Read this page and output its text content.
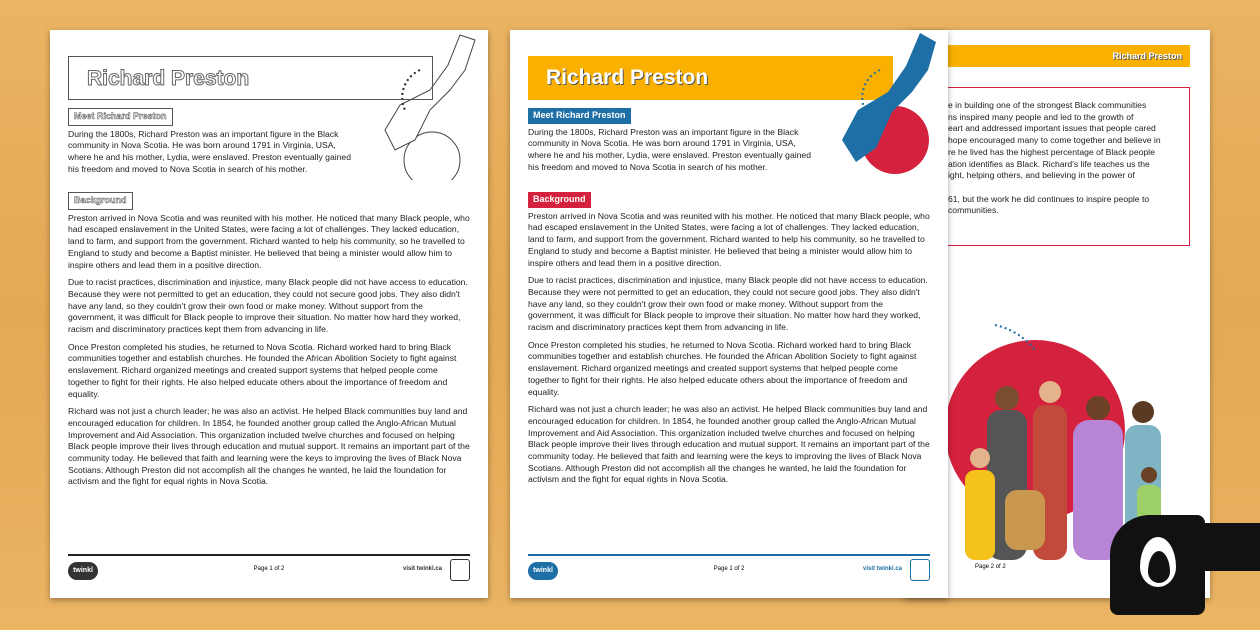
Richard Preston
Meet Richard Preston

During the 1800s, Richard Preston was an important figure in the Black community in Nova Scotia. He was born around 1791 in Virginia, USA, where he and his mother, Lydia, were enslaved. Preston eventually gained his freedom and moved to Nova Scotia in search of his mother.

Background

Preston arrived in Nova Scotia and was reunited with his mother. He noticed that many Black people, who had escaped enslavement in the United States, were facing a lot of challenges. They lacked education, land to farm, and support from the government. Richard wanted to help his community, so he travelled to England to study and become a Baptist minister. He believed that being a minister would allow him to inspire others and lead them in a positive direction.

Due to racist practices, discrimination and injustice, many Black people did not have access to education. Because they were not permitted to get an education, they could not secure good jobs. They also didn't have any land, so they couldn't grow their own food or make money. Without support from the government, it was difficult for Black people to improve their situation. No matter how hard they worked, racism and discriminatory practices kept them from advancing in life.

Once Preston completed his studies, he returned to Nova Scotia. Richard worked hard to bring Black communities together and establish churches. He founded the African Abolition Society to fight against enslavement. Richard organized meetings and created support systems that helped people come together to fight for their rights. He also helped educate others about the importance of freedom and equality.

Richard was not just a church leader; he was also an activist. He helped Black communities buy land and encouraged education for children. In 1854, he founded another group called the Anglo-African Mutual Improvement and Aid Association. This organization included twelve churches and focused on helping Black people improve their lives through education and mutual support. It remains an important part of the community today. He believed that faith and learning were the keys to improving the lives of Black Nova Scotians. Although Preston did not accomplish all the changes he wanted, he laid the foundation for activism and the fight for equal rights in Nova Scotia.

twinkl	Page 1 of 2	visit twinkl.ca
Richard Preston
Meet Richard Preston

During the 1800s, Richard Preston was an important figure in the Black community in Nova Scotia. He was born around 1791 in Virginia, USA, where he and his mother, Lydia, were enslaved. Preston eventually gained his freedom and moved to Nova Scotia in search of his mother.

Background

Preston arrived in Nova Scotia and was reunited with his mother. He noticed that many Black people, who had escaped enslavement in the United States, were facing a lot of challenges. They lacked education, land to farm, and support from the government. Richard wanted to help his community, so he travelled to England to study and become a Baptist minister. He believed that being a minister would allow him to inspire others and lead them in a positive direction.

Due to racist practices, discrimination and injustice, many Black people did not have access to education. Because they were not permitted to get an education, they could not secure good jobs. They also didn't have any land, so they couldn't grow their own food or make money. Without support from the government, it was difficult for Black people to improve their situation. No matter how hard they worked, racism and discriminatory practices kept them from advancing in life.

Once Preston completed his studies, he returned to Nova Scotia. Richard worked hard to bring Black communities together and establish churches. He founded the African Abolition Society to fight against enslavement. Richard organized meetings and created support systems that helped people come together to fight for their rights. He also helped educate others about the importance of freedom and equality.

Richard was not just a church leader; he was also an activist. He helped Black communities buy land and encouraged education for children. In 1854, he founded another group called the Anglo-African Mutual Improvement and Aid Association. This organization included twelve churches and focused on helping Black people improve their lives through education and mutual support. It remains an important part of the community today. He believed that faith and learning were the keys to improving the lives of Black Nova Scotians. Although Preston did not accomplish all the changes he wanted, he laid the foundation for activism and the fight for equal rights in Nova Scotia.

twinkl	Page 1 of 2	visit twinkl.ca
Richard Preston
e in building one of the strongest Black communities
ns inspired many people and led to the growth of
eart and addressed important issues that people cared
hope encouraged many to come together and believe in
re he lived has the highest percentage of Black people
ation identifies as Black. Richard's life teaches us the
ight, helping others, and believing in the power of
61, but the work he did continues to inspire people to
communities.
Page 2 of 2
